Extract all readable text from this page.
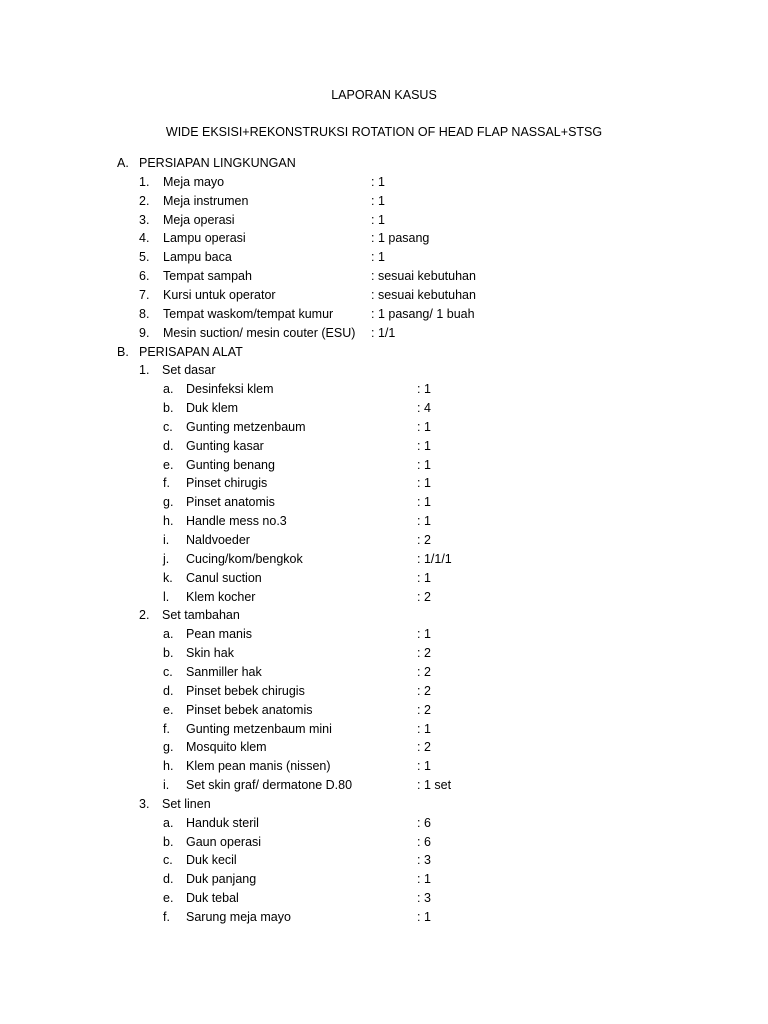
LAPORAN KASUS
WIDE EKSISI+REKONSTRUKSI ROTATION OF HEAD FLAP NASSAL+STSG
A. PERSIAPAN LINGKUNGAN
1. Meja mayo	: 1
2. Meja instrumen	: 1
3. Meja operasi	: 1
4. Lampu operasi	: 1 pasang
5. Lampu baca	: 1
6. Tempat sampah	: sesuai kebutuhan
7. Kursi untuk operator	: sesuai kebutuhan
8. Tempat waskom/tempat kumur	: 1 pasang/ 1 buah
9. Mesin suction/ mesin couter (ESU) : 1/1
B. PERISAPAN ALAT
1. Set dasar
a. Desinfeksi klem	: 1
b. Duk klem	: 4
c. Gunting metzenbaum	: 1
d. Gunting kasar	: 1
e. Gunting benang	: 1
f. Pinset chirugis	: 1
g. Pinset anatomis	: 1
h. Handle mess no.3	: 1
i. Naldvoeder	: 2
j. Cucing/kom/bengkok	: 1/1/1
k. Canul suction	: 1
l. Klem kocher	: 2
2. Set tambahan
a. Pean manis	: 1
b. Skin hak	: 2
c. Sanmiller hak	: 2
d. Pinset bebek chirugis	: 2
e. Pinset bebek anatomis	: 2
f. Gunting metzenbaum mini	: 1
g. Mosquito klem	: 2
h. Klem pean manis (nissen)	: 1
i. Set skin graf/ dermatone D.80	: 1 set
3. Set linen
a. Handuk steril	: 6
b. Gaun operasi	: 6
c. Duk kecil	: 3
d. Duk panjang	: 1
e. Duk tebal	: 3
f. Sarung meja mayo	: 1
